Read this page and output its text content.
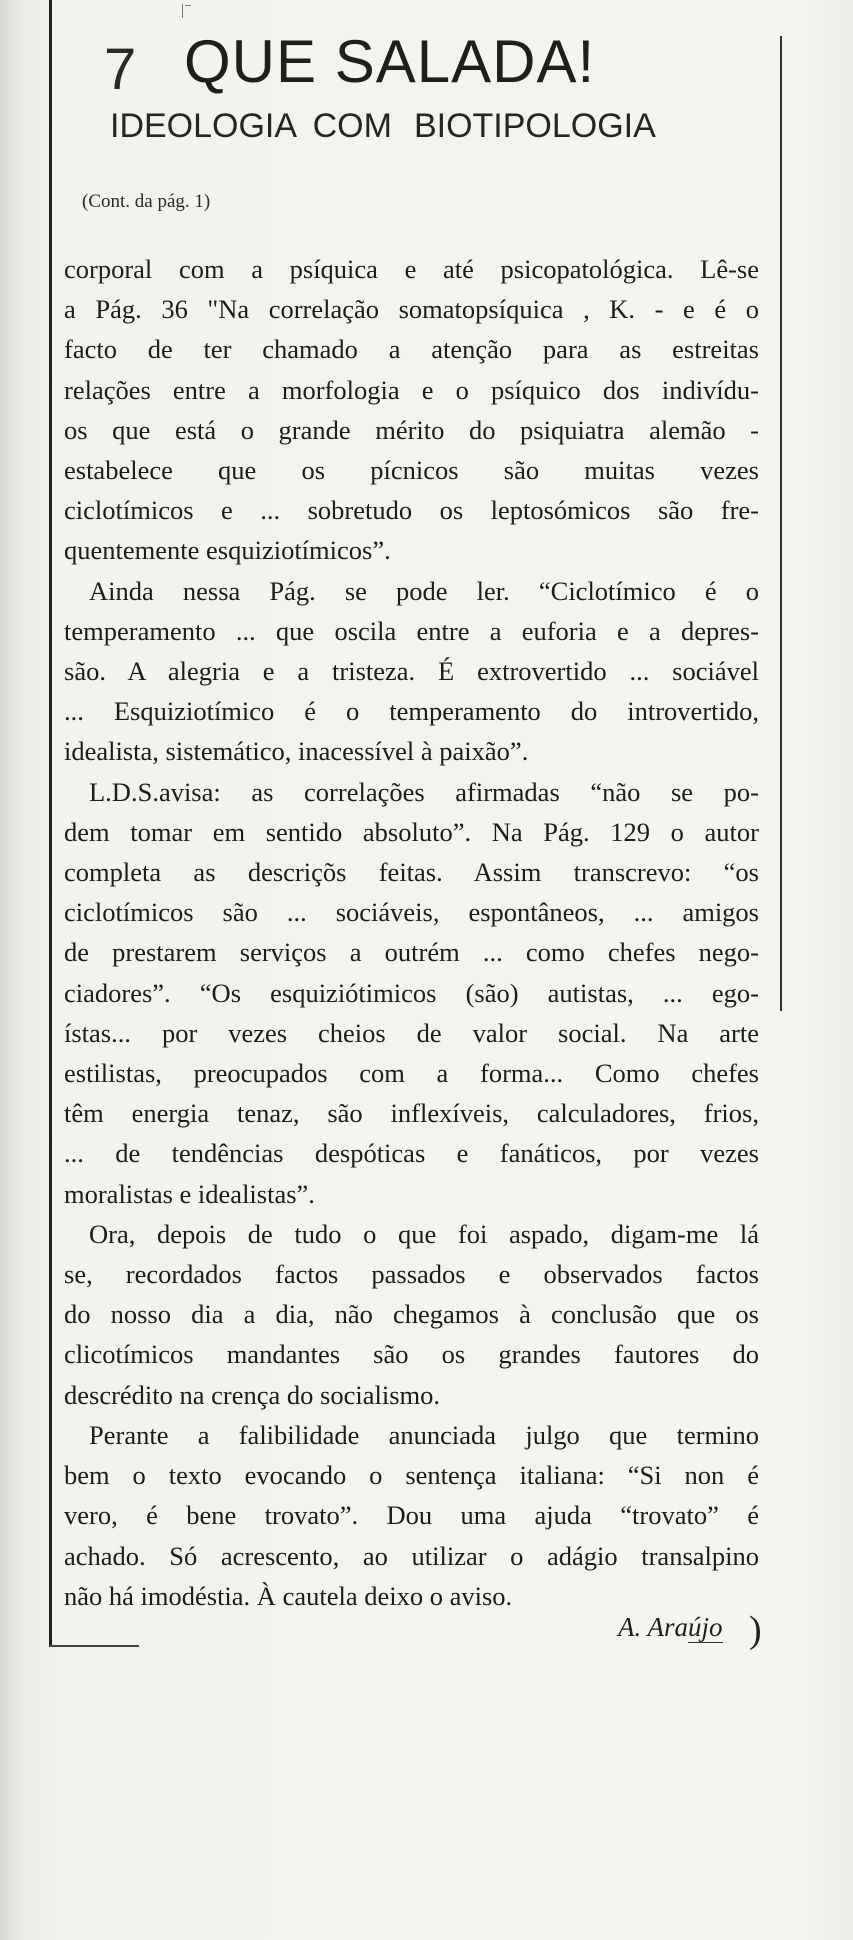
7 QUE SALADA!
IDEOLOGIA COM BIOTIPOLOGIA
(Cont. da pág. 1)

corporal com a psíquica e até psicopatológica. Lê-se
a Pág. 36 "Na correlação somatopsíquica , K. - e é o
facto de ter chamado a atenção para as estreitas
relações entre a morfologia e o psíquico dos indivídu-
os que está o grande mérito do psiquiatra alemão -
estabelece que os pícnicos são muitas vezes
ciclotímicos e ... sobretudo os leptosómicos são fre-
quentemente esquiziotímicos”.

Ainda nessa Pág. se pode ler. “Ciclotímico é o
temperamento ... que oscila entre a euforia e a depres-
são. A alegria e a tristeza. É extrovertido ... sociável
... Esquiziotímico é o temperamento do introvertido,
idealista, sistemático, inacessível à paixão”.

L.D.S.avisa: as correlações afirmadas “não se po-
dem tomar em sentido absoluto”. Na Pág. 129 o autor
completa as descriçõs feitas. Assim transcrevo: “os
ciclotímicos são ... sociáveis, espontâneos, ... amigos
de prestarem serviços a outrém ... como chefes nego-
ciadores”. “Os esquiziótimicos (são) autistas, ... ego-
ístas... por vezes cheios de valor social. Na arte
estilistas, preocupados com a forma... Como chefes
têm energia tenaz, são inflexíveis, calculadores, frios,
... de tendências despóticas e fanáticos, por vezes
moralistas e idealistas”.

Ora, depois de tudo o que foi aspado, digam-me lá
se, recordados factos passados e observados factos
do nosso dia a dia, não chegamos à conclusão que os
clicotímicos mandantes são os grandes fautores do
descrédito na crença do socialismo.

Perante a falibilidade anunciada julgo que termino
bem o texto evocando o sentença italiana: “Si non é
vero, é bene trovato”. Dou uma ajuda “trovato” é
achado. Só acrescento, ao utilizar o adágio transalpino
não há imodéstia. À cautela deixo o aviso.

A. Araújo )
